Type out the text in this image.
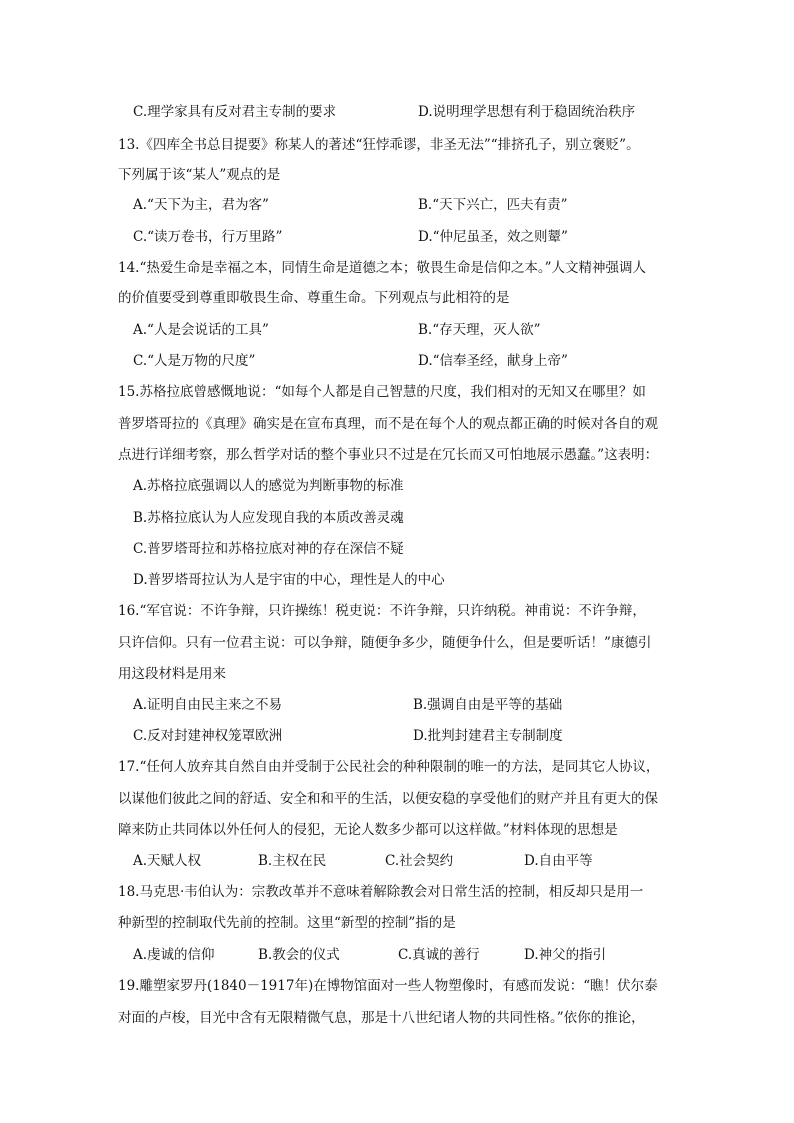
C.理学家具有反对君主专制的要求	D.说明理学思想有利于稳固统治秩序
13.《四库全书总目提要》称某人的著述“狂悖乖谬，非圣无法”“排挤孔子，别立褒贬”。
下列属于该“某人”观点的是
A.“天下为主，君为客”	B.“天下兴亡，匹夫有责”
C.“读万卷书，行万里路”	D.“仲尼虽圣，效之则颦”
14.“热爱生命是幸福之本，同情生命是道德之本；敬畏生命是信仰之本。”人文精神强调人
的价值要受到尊重即敬畏生命、尊重生命。下列观点与此相符的是
A.“人是会说话的工具”	B.“存天理，灭人欲”
C.“人是万物的尺度”	D.“信奉圣经，献身上帝”
15.苏格拉底曾感慨地说：“如每个人都是自己智慧的尺度，我们相对的无知又在哪里？如
普罗塔哥拉的《真理》确实是在宣布真理，而不是在每个人的观点都正确的时候对各自的观
点进行详细考察，那么哲学对话的整个事业只不过是在冗长而又可怕地展示愚蠢。”这表明：
A.苏格拉底强调以人的感觉为判断事物的标准
B.苏格拉底认为人应发现自我的本质改善灵魂
C.普罗塔哥拉和苏格拉底对神的存在深信不疑
D.普罗塔哥拉认为人是宇宙的中心，理性是人的中心
16.“军官说：不许争辩，只许操练！税吏说：不许争辩，只许纳税。神甫说：不许争辩，
只许信仰。只有一位君主说：可以争辩，随便争多少，随便争什么，但是要听话！”康德引
用这段材料是用来
A.证明自由民主来之不易	B.强调自由是平等的基础
C.反对封建神权笼罩欧洲	D.批判封建君主专制制度
17.“任何人放弃其自然自由并受制于公民社会的种种限制的唯一的方法，是同其它人协议，
以谋他们彼此之间的舒适、安全和和平的生活，以便安稳的享受他们的财产并且有更大的保
障来防止共同体以外任何人的侵犯，无论人数多少都可以这样做。”材料体现的思想是
A.天赋人权	B.主权在民	C.社会契约	D.自由平等
18.马克思·韦伯认为：宗教改革并不意味着解除教会对日常生活的控制，相反却只是用一
种新型的控制取代先前的控制。这里“新型的控制”指的是
A.虔诚的信仰	B.教会的仪式	C.真诚的善行	D.神父的指引
19.雕塑家罗丹(1840－1917年)在博物馆面对一些人物塑像时，有感而发说：“瞧！伏尔泰
对面的卢梭，目光中含有无限精微气息，那是十八世纪诸人物的共同性格。”依你的推论，
